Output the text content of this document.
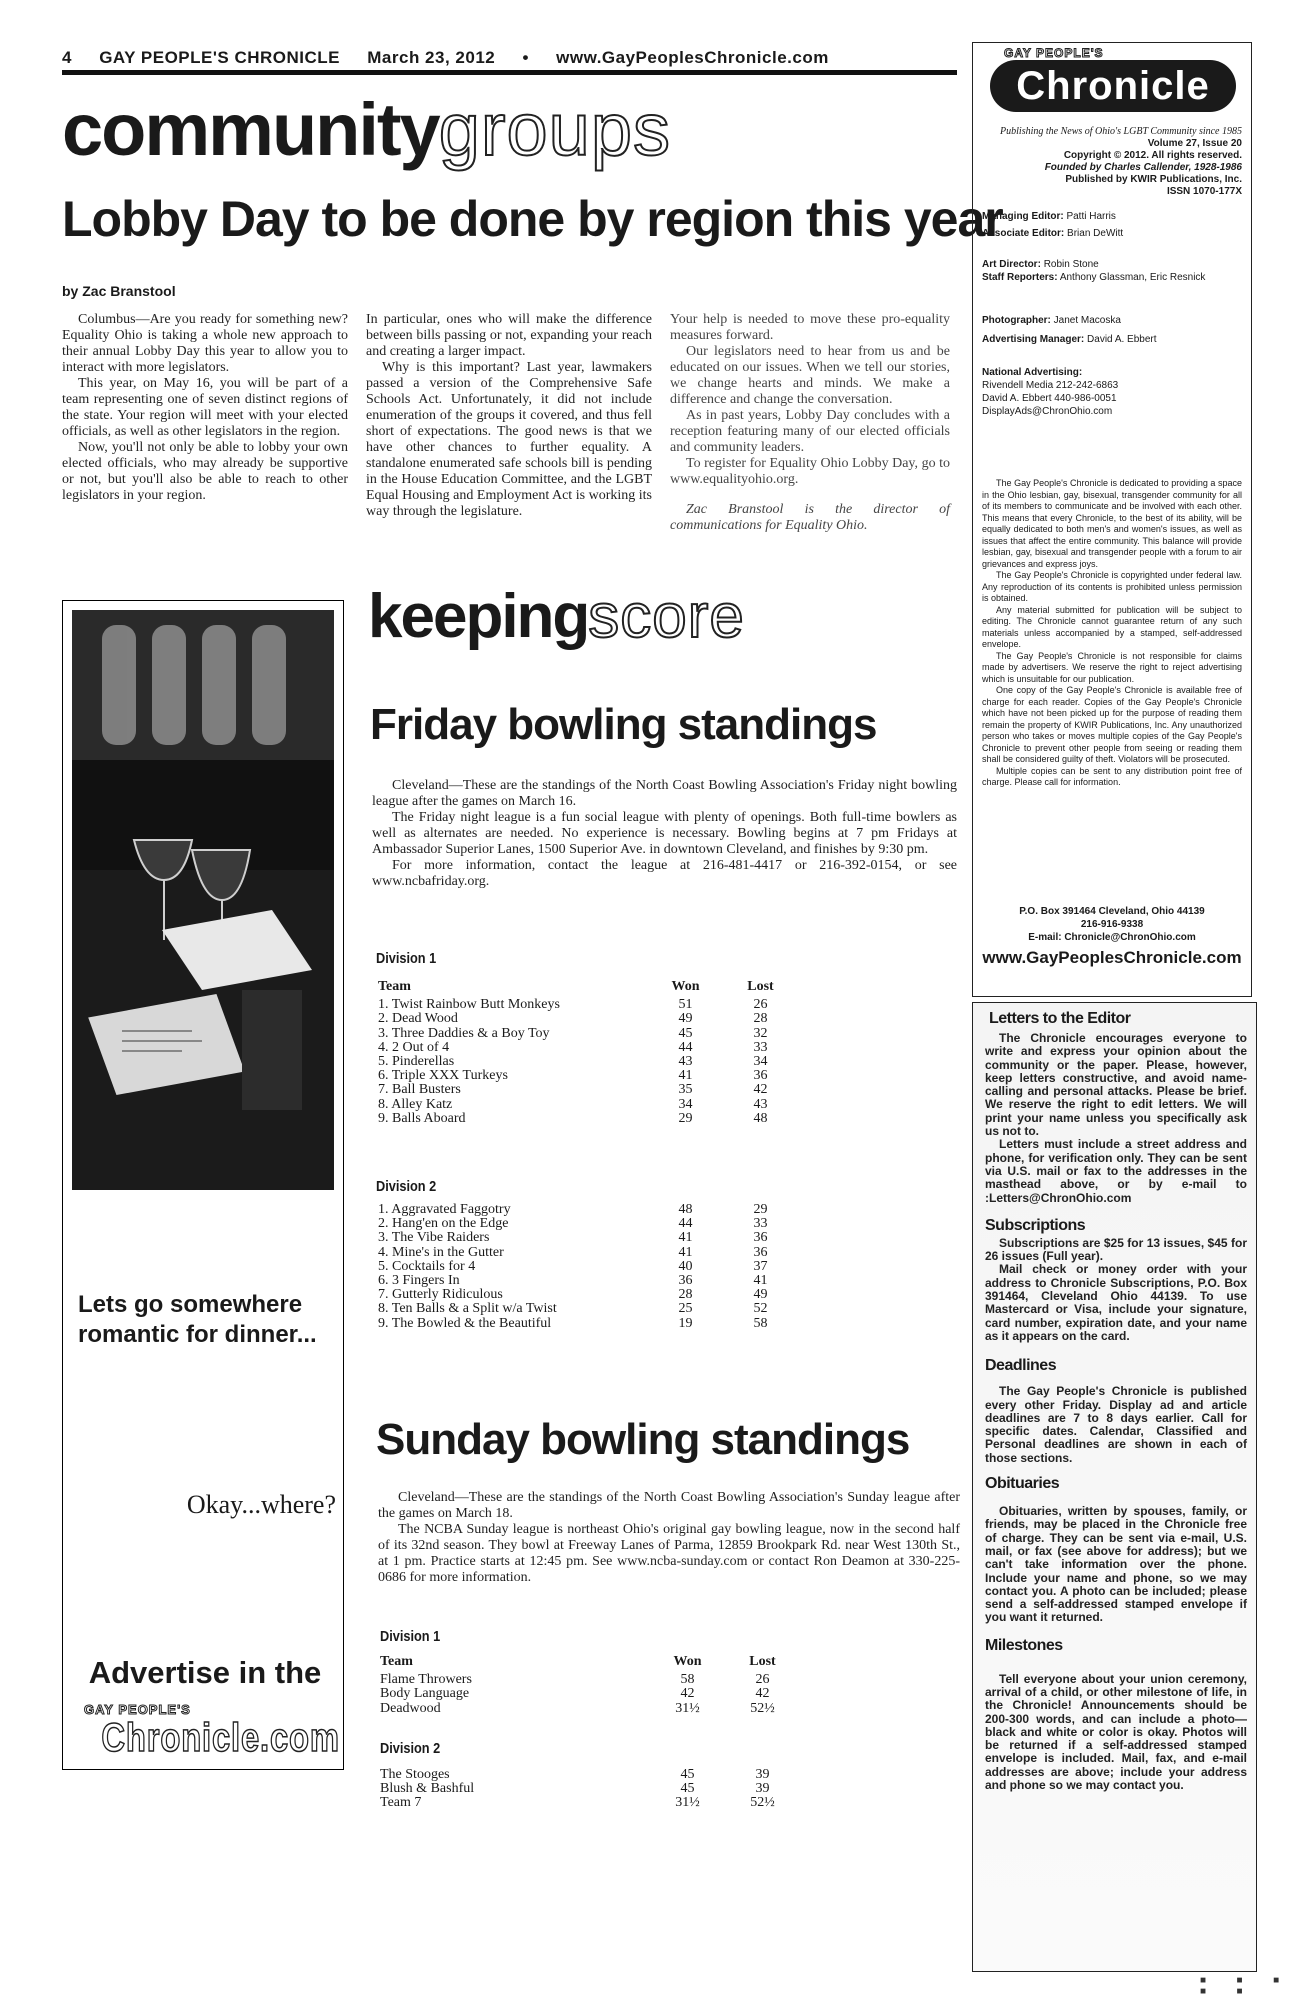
4 GAY PEOPLE'S CHRONICLE March 23, 2012 • www.GayPeoplesChronicle.com
communitygroups
Lobby Day to be done by region this year
by Zac Branstool

Columbus—Are you ready for something new? Equality Ohio is taking a whole new approach to their annual Lobby Day this year to allow you to interact with more legislators.

This year, on May 16, you will be part of a team representing one of seven distinct regions of the state. Your region will meet with your elected officials, as well as other legislators in the region.

Now, you'll not only be able to lobby your own elected officials, who may already be supportive or not, but you'll also be able to reach to other legislators in your region.

In particular, ones who will make the difference between bills passing or not, expanding your reach and creating a larger impact.

Why is this important? Last year, lawmakers passed a version of the Comprehensive Safe Schools Act. Unfortunately, it did not include enumeration of the groups it covered, and thus fell short of expectations. The good news is that we have other chances to further equality. A standalone enumerated safe schools bill is pending in the House Education Committee, and the LGBT Equal Housing and Employment Act is working its way through the legislature.

Your help is needed to move these pro-equality measures forward.

Our legislators need to hear from us and be educated on our issues. When we tell our stories, we change hearts and minds. We make a difference and change the conversation.

As in past years, Lobby Day concludes with a reception featuring many of our elected officials and community leaders.

To register for Equality Ohio Lobby Day, go to www.equalityohio.org.

Zac Branstool is the director of communications for Equality Ohio.

Lets go somewhere romantic for dinner...
Okay...where?
Advertise in the
GAY PEOPLE'S
Chronicle.com
keepingscore
Friday bowling standings

Cleveland—These are the standings of the North Coast Bowling Association's Friday night bowling league after the games on March 16.

The Friday night league is a fun social league with plenty of openings. Both full-time bowlers as well as alternates are needed. No experience is necessary. Bowling begins at 7 pm Fridays at Ambassador Superior Lanes, 1500 Superior Ave. in downtown Cleveland, and finishes by 9:30 pm.

For more information, contact the league at 216-481-4417 or 216-392-0154, or see www.ncbafriday.org.

Division 1
Team	Won	Lost
1. Twist Rainbow Butt Monkeys	51	26
2. Dead Wood	49	28
3. Three Daddies & a Boy Toy	45	32
4. 2 Out of 4	44	33
5. Pinderellas	43	34
6. Triple XXX Turkeys	41	36
7. Ball Busters	35	42
8. Alley Katz	34	43
9. Balls Aboard	29	48
Division 2
1. Aggravated Faggotry	48	29
2. Hang'en on the Edge	44	33
3. The Vibe Raiders	41	36
4. Mine's in the Gutter	41	36
5. Cocktails for 4	40	37
6. 3 Fingers In	36	41
7. Gutterly Ridiculous	28	49
8. Ten Balls & a Split w/a Twist	25	52
9. The Bowled & the Beautiful	19	58
Sunday bowling standings

Cleveland—These are the standings of the North Coast Bowling Association's Sunday league after the games on March 18.

The NCBA Sunday league is northeast Ohio's original gay bowling league, now in the second half of its 32nd season. They bowl at Freeway Lanes of Parma, 12859 Brookpark Rd. near West 130th St., at 1 pm. Practice starts at 12:45 pm. See www.ncba-sunday.com or contact Ron Deamon at 330-225-0686 for more information.

Division 1
Team	Won	Lost
Flame Throwers	58	26
Body Language	42	42
Deadwood	31½	52½
Division 2
The Stooges	45	39
Blush & Bashful	45	39
Team 7	31½	52½
GAY PEOPLE'S
Chronicle
Publishing the News of Ohio's LGBT Community since 1985
Volume 27, Issue 20
Copyright © 2012. All rights reserved.
Founded by Charles Callender, 1928-1986
Published by KWIR Publications, Inc.
ISSN 1070-177X
Managing Editor: Patti Harris
Associate Editor: Brian DeWitt
Art Director: Robin Stone
Staff Reporters: Anthony Glassman, Eric Resnick
Photographer: Janet Macoska
Advertising Manager: David A. Ebbert
National Advertising:
Rivendell Media 212-242-6863
David A. Ebbert 440-986-0051
DisplayAds@ChronOhio.com

The Gay People's Chronicle is dedicated to providing a space in the Ohio lesbian, gay, bisexual, transgender community for all of its members to communicate and be involved with each other. This means that every Chronicle, to the best of its ability, will be equally dedicated to both men's and women's issues, as well as issues that affect the entire community. This balance will provide lesbian, gay, bisexual and transgender people with a forum to air grievances and express joys.

The Gay People's Chronicle is copyrighted under federal law. Any reproduction of its contents is prohibited unless permission is obtained.

Any material submitted for publication will be subject to editing. The Chronicle cannot guarantee return of any such materials unless accompanied by a stamped, self-addressed envelope.

The Gay People's Chronicle is not responsible for claims made by advertisers. We reserve the right to reject advertising which is unsuitable for our publication.

One copy of the Gay People's Chronicle is available free of charge for each reader. Copies of the Gay People's Chronicle which have not been picked up for the purpose of reading them remain the property of KWIR Publications, Inc. Any unauthorized person who takes or moves multiple copies of the Gay People's Chronicle to prevent other people from seeing or reading them shall be considered guilty of theft. Violators will be prosecuted.

Multiple copies can be sent to any distribution point free of charge. Please call for information.

P.O. Box 391464 Cleveland, Ohio 44139
216-916-9338
E-mail: Chronicle@ChronOhio.com
www.GayPeoplesChronicle.com
Letters to the Editor

The Chronicle encourages everyone to write and express your opinion about the community or the paper. Please, however, keep letters constructive, and avoid name-calling and personal attacks. Please be brief. We reserve the right to edit letters. We will print your name unless you specifically ask us not to.

Letters must include a street address and phone, for verification only. They can be sent via U.S. mail or fax to the addresses in the masthead above, or by e-mail to :Letters@ChronOhio.com

Subscriptions

Subscriptions are $25 for 13 issues, $45 for 26 issues (Full year).

Mail check or money order with your address to Chronicle Subscriptions, P.O. Box 391464, Cleveland Ohio 44139. To use Mastercard or Visa, include your signature, card number, expiration date, and your name as it appears on the card.

Deadlines

The Gay People's Chronicle is published every other Friday. Display ad and article deadlines are 7 to 8 days earlier. Call for specific dates. Calendar, Classified and Personal deadlines are shown in each of those sections.

Obituaries

Obituaries, written by spouses, family, or friends, may be placed in the Chronicle free of charge. They can be sent via e-mail, U.S. mail, or fax (see above for address); but we can't take information over the phone. Include your name and phone, so we may contact you. A photo can be included; please send a self-addressed stamped envelope if you want it returned.

Milestones

Tell everyone about your union ceremony, arrival of a child, or other milestone of life, in the Chronicle! Announcements should be 200-300 words, and can include a photo—black and white or color is okay. Photos will be returned if a self-addressed stamped envelope is included. Mail, fax, and e-mail addresses are above; include your address and phone so we may contact you.

■ ■ ■ ■ ■
